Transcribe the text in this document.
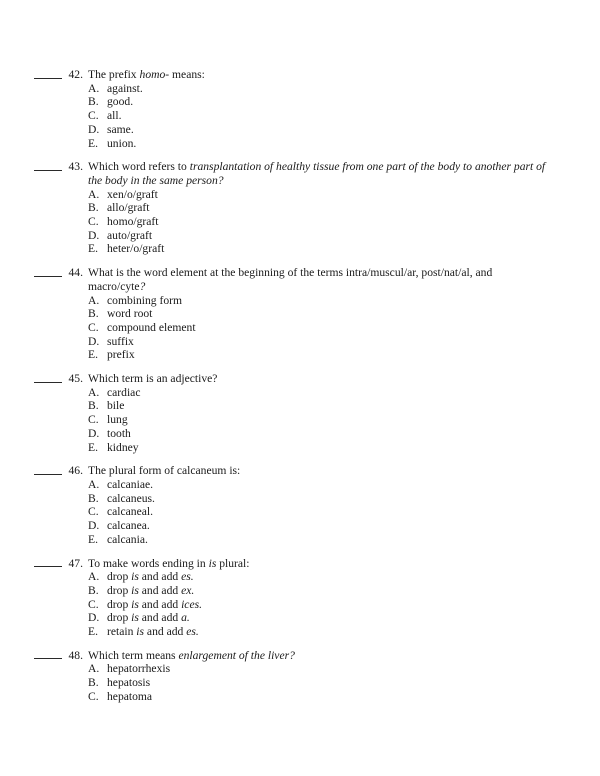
42. The prefix homo- means:
A. against.
B. good.
C. all.
D. same.
E. union.
43. Which word refers to transplantation of healthy tissue from one part of the body to another part of the body in the same person?
A. xen/o/graft
B. allo/graft
C. homo/graft
D. auto/graft
E. heter/o/graft
44. What is the word element at the beginning of the terms intra/muscul/ar, post/nat/al, and macro/cyte?
A. combining form
B. word root
C. compound element
D. suffix
E. prefix
45. Which term is an adjective?
A. cardiac
B. bile
C. lung
D. tooth
E. kidney
46. The plural form of calcaneum is:
A. calcaniae.
B. calcaneus.
C. calcaneal.
D. calcanea.
E. calcania.
47. To make words ending in is plural:
A. drop is and add es.
B. drop is and add ex.
C. drop is and add ices.
D. drop is and add a.
E. retain is and add es.
48. Which term means enlargement of the liver?
A. hepatorrhexis
B. hepatosis
C. hepatoma
